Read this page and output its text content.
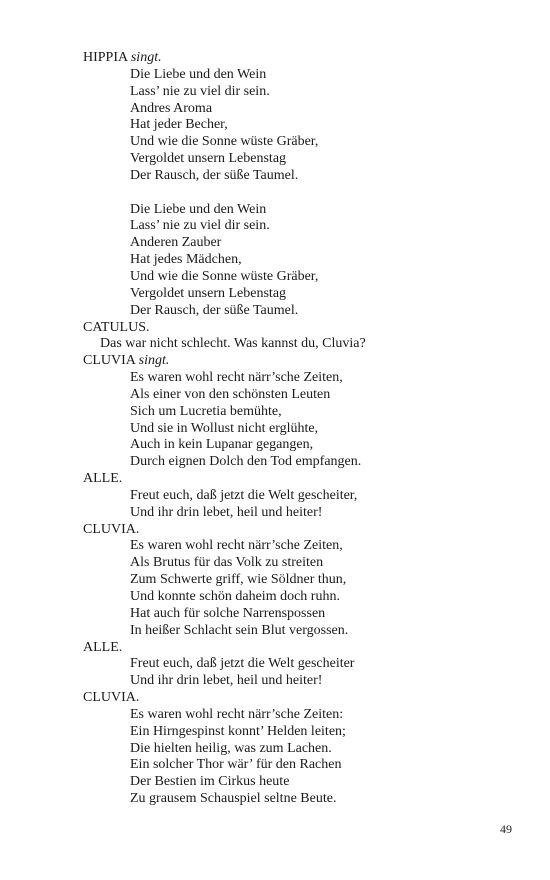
HIPPIA singt.
Die Liebe und den Wein
Lass’ nie zu viel dir sein.
Andres Aroma
Hat jeder Becher,
Und wie die Sonne wüste Gräber,
Vergoldet unsern Lebenstag
Der Rausch, der süße Taumel.
Die Liebe und den Wein
Lass’ nie zu viel dir sein.
Anderen Zauber
Hat jedes Mädchen,
Und wie die Sonne wüste Gräber,
Vergoldet unsern Lebenstag
Der Rausch, der süße Taumel.
CATULUS.
Das war nicht schlecht. Was kannst du, Cluvia?
CLUVIA singt.
Es waren wohl recht närr’sche Zeiten,
Als einer von den schönsten Leuten
Sich um Lucretia bemühte,
Und sie in Wollust nicht erglühte,
Auch in kein Lupanar gegangen,
Durch eignen Dolch den Tod empfangen.
ALLE.
Freut euch, daß jetzt die Welt gescheiter,
Und ihr drin lebet, heil und heiter!
CLUVIA.
Es waren wohl recht närr’sche Zeiten,
Als Brutus für das Volk zu streiten
Zum Schwerte griff, wie Söldner thun,
Und konnte schön daheim doch ruhn.
Hat auch für solche Narrenspossen
In heißer Schlacht sein Blut vergossen.
ALLE.
Freut euch, daß jetzt die Welt gescheiter
Und ihr drin lebet, heil und heiter!
CLUVIA.
Es waren wohl recht närr’sche Zeiten:
Ein Hirngespinst konnt’ Helden leiten;
Die hielten heilig, was zum Lachen.
Ein solcher Thor wär’ für den Rachen
Der Bestien im Cirkus heute
Zu grausem Schauspiel seltne Beute.
49
